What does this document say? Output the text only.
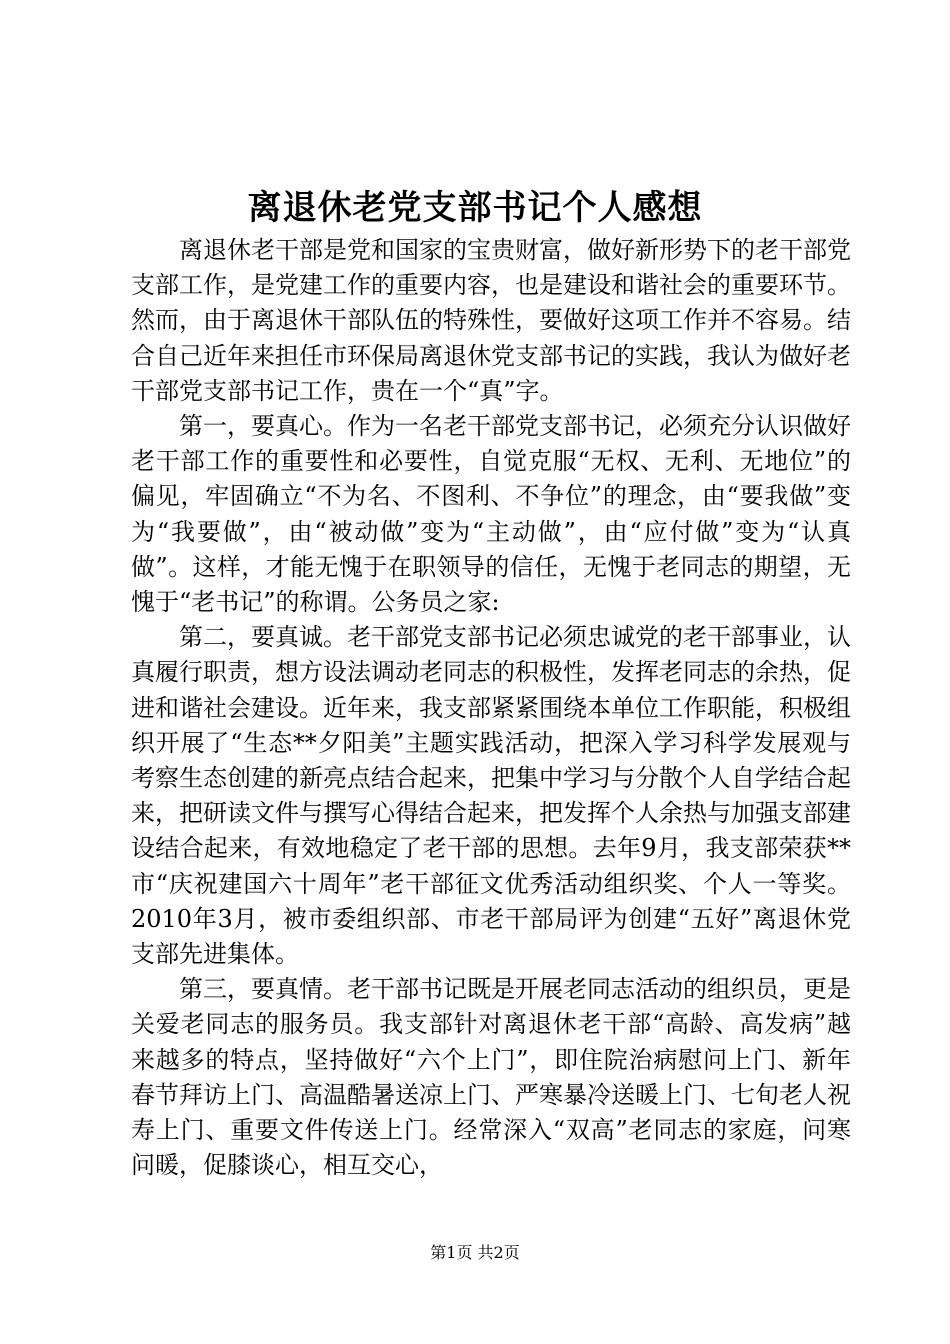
离退休老党支部书记个人感想

离退休老干部是党和国家的宝贵财富，做好新形势下的老干部党支部工作，是党建工作的重要内容，也是建设和谐社会的重要环节。然而，由于离退休干部队伍的特殊性，要做好这项工作并不容易。结合自己近年来担任市环保局离退休党支部书记的实践，我认为做好老干部党支部书记工作，贵在一个“真”字。

第一，要真心。作为一名老干部党支部书记，必须充分认识做好老干部工作的重要性和必要性，自觉克服“无权、无利、无地位”的偏见，牢固确立“不为名、不图利、不争位”的理念，由“要我做”变为“我要做”，由“被动做”变为“主动做”，由“应付做”变为“认真做”。这样，才能无愧于在职领导的信任，无愧于老同志的期望，无愧于“老书记”的称谓。公务员之家:

第二，要真诚。老干部党支部书记必须忠诚党的老干部事业，认真履行职责，想方设法调动老同志的积极性，发挥老同志的余热，促进和谐社会建设。近年来，我支部紧紧围绕本单位工作职能，积极组织开展了“生态**夕阳美”主题实践活动，把深入学习科学发展观与考察生态创建的新亮点结合起来，把集中学习与分散个人自学结合起来，把研读文件与撰写心得结合起来，把发挥个人余热与加强支部建设结合起来，有效地稳定了老干部的思想。去年9月，我支部荣获**市“庆祝建国六十周年”老干部征文优秀活动组织奖、个人一等奖。2010年3月，被市委组织部、市老干部局评为创建“五好”离退休党支部先进集体。

第三，要真情。老干部书记既是开展老同志活动的组织员，更是关爱老同志的服务员。我支部针对离退休老干部“高龄、高发病”越来越多的特点，坚持做好“六个上门”，即住院治病慰问上门、新年春节拜访上门、高温酷暑送凉上门、严寒暴冷送暖上门、七旬老人祝寿上门、重要文件传送上门。经常深入“双高”老同志的家庭，问寒问暖，促膝谈心，相互交心，

第1页 共2页
